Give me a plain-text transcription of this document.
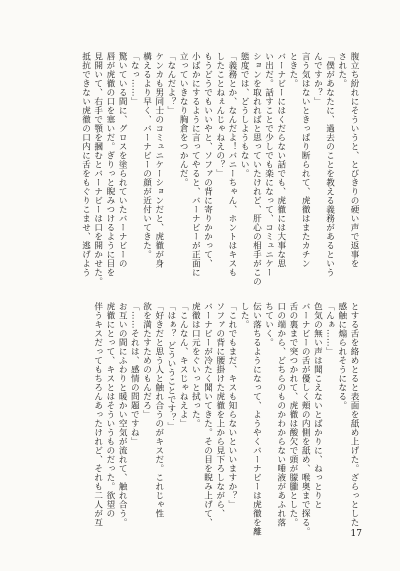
腹立ち紛れにそういうと、とびきりの硬い声で返事を
された。
「僕があなたに、過去のことを教える義務があるという
んですか？」
言う気はないときっぱり断られて、虎徹はまたカチン
ときた。
バーナビーにはくだらない話でも、虎徹には大事な思
い出だ。話すことで少しでも楽になって、コミュニケー
ションを取れればと思っていたけれど、肝心の相手がこの
態度では、どうしようもない。
「義務とか、なんだよ！バニーちゃん、ホントはキスも
したことねぇんじゃねえの？」
もうどうでもいいやと、ソファの背に寄りかかって、
小ばかにするように言ってやると、バーナビーが正面に
立っていきなり胸倉をつかんだ。
「なんだよ？」
ケンカも男同士のコミュニケーションだと、虎徹が身
構えるより早く、バーナビーの顔が近付いてきた。
「なっ……」
驚いている間に、グロスを塗られていたバーナビーの
唇が虎徹の口を塞いだ。ぎりっと睨みつけるように目を
見開いて、右手で顎を摑むとバーナビーは口を開かせた。
抵抗できない虎徹の口内に舌をもぐりこませ、逃げよう
とする舌を絡めとると表面を舐め上げた。ざらっとした
感触に煽られそうになる。
「んぁ……」
色気の無い声は聞こえないとばかりに、ねっとりと
バーナビーの舌が優しく頰の内側を舐め、喉奥まで探る。
舌の裏まで突つかれて、虎徹は酸欠で頭が朦朧とした。
口の端から、どちらのものかわからない唾液があふれ落
ちていく。
伝い落ちるようになって、ようやくバーナビーは虎徹を離
した。
「これでもまだ、キスも知らないといいますか？」
ソファの背に腰掛けた虎徹を上から見下ろしながら、
バーナビーが冷たく聞いてきた。その目を睨み上げて、
虎徹は口元をぐいっと拭った。
「こんなん、キスじゃねえよ」
「はぁ？ どういうことです？」
「好きだと思う人と触れ合うのがキスだ。これじゃ性
欲を満たすためのもんだろ」
「……それは、感情の問題ですね」
お互いの間にふわりと暖かい空気が流れて、触れ合う。
虎徹にとって、キスとはそういうものだった。欲望の
伴うキスだってもちろんあったけれど、それも二人が互
17
